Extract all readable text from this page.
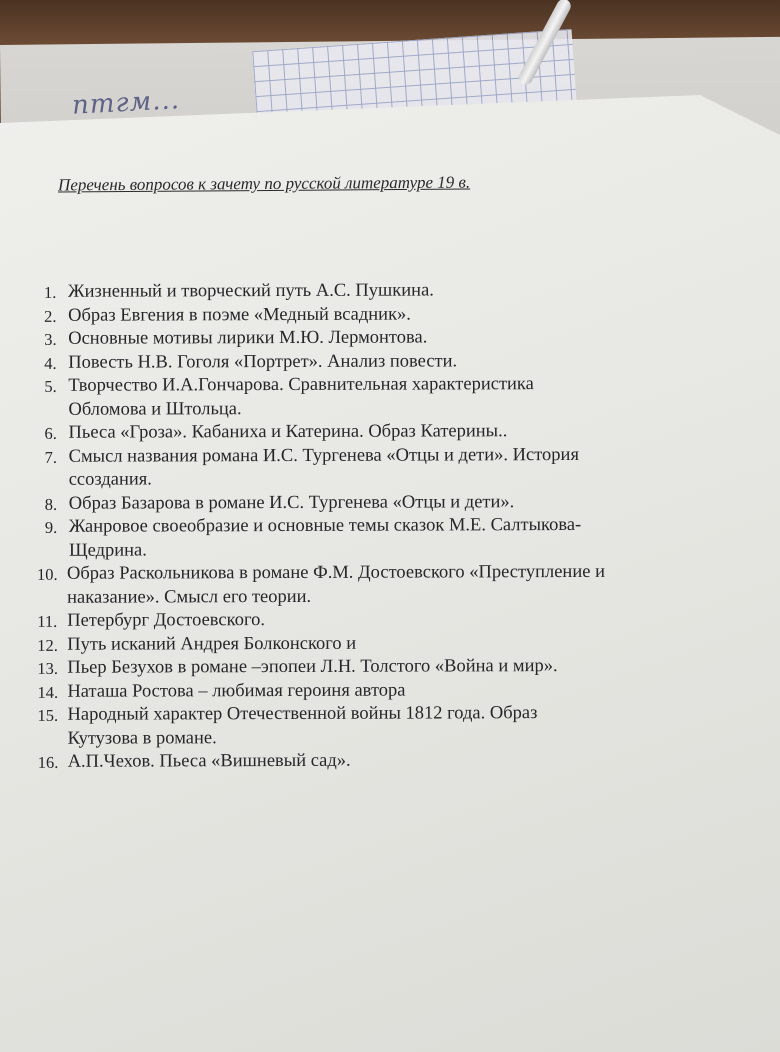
птгм...
Перечень вопросов к зачету по русской литературе 19 в.
1. Жизненный и творческий путь А.С. Пушкина.
2. Образ Евгения в поэме «Медный всадник».
3. Основные мотивы лирики М.Ю. Лермонтова.
4. Повесть Н.В. Гоголя «Портрет». Анализ повести.
5. Творчество И.А.Гончарова. Сравнительная характеристика
Обломова и Штольца.
6. Пьеса «Гроза». Кабаниха и Катерина. Образ Катерины..
7. Смысл названия романа И.С. Тургенева «Отцы и дети». История
ссоздания.
8. Образ Базарова в романе И.С. Тургенева «Отцы и дети».
9. Жанровое своеобразие и основные темы сказок М.Е. Салтыкова-
Щедрина.
10. Образ Раскольникова в романе Ф.М. Достоевского «Преступление и
наказание». Смысл его теории.
11. Петербург Достоевского.
12. Путь исканий Андрея Болконского и
13. Пьер Безухов в романе –эпопеи Л.Н. Толстого «Война и мир».
14. Наташа Ростова – любимая героиня автора
15. Народный характер Отечественной войны 1812 года. Образ
Кутузова в романе.
16. А.П.Чехов. Пьеса «Вишневый сад».
